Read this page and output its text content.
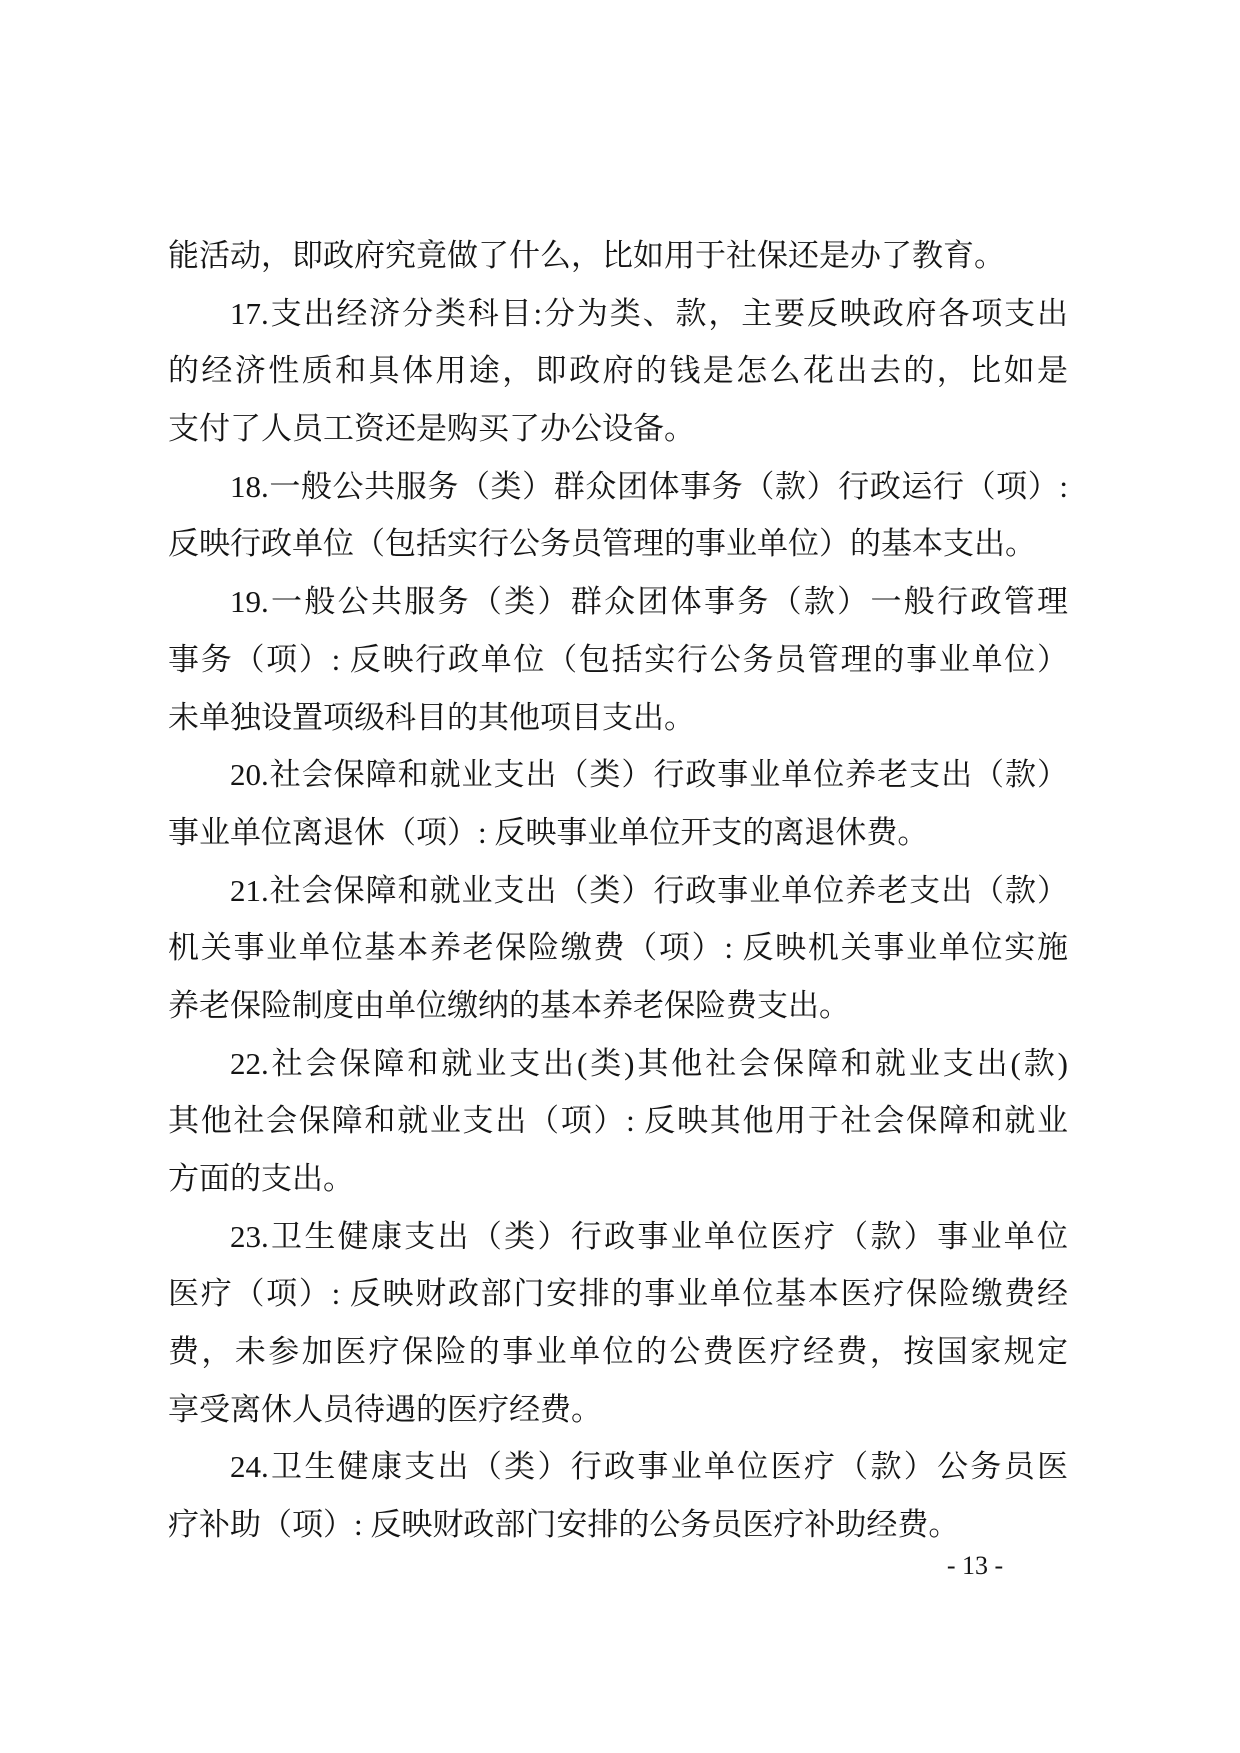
能活动，即政府究竟做了什么，比如用于社保还是办了教育。
17.支出经济分类科目:分为类、款，主要反映政府各项支出
的经济性质和具体用途，即政府的钱是怎么花出去的，比如是
支付了人员工资还是购买了办公设备。
18.一般公共服务（类）群众团体事务（款）行政运行（项）:
反映行政单位（包括实行公务员管理的事业单位）的基本支出。
19.一般公共服务（类）群众团体事务（款）一般行政管理
事务（项）: 反映行政单位（包括实行公务员管理的事业单位）
未单独设置项级科目的其他项目支出。
20.社会保障和就业支出（类）行政事业单位养老支出（款）
事业单位离退休（项）: 反映事业单位开支的离退休费。
21.社会保障和就业支出（类）行政事业单位养老支出（款）
机关事业单位基本养老保险缴费（项）: 反映机关事业单位实施
养老保险制度由单位缴纳的基本养老保险费支出。
22.社会保障和就业支出(类)其他社会保障和就业支出(款)
其他社会保障和就业支出（项）: 反映其他用于社会保障和就业
方面的支出。
23.卫生健康支出（类）行政事业单位医疗（款）事业单位
医疗（项）: 反映财政部门安排的事业单位基本医疗保险缴费经
费，未参加医疗保险的事业单位的公费医疗经费，按国家规定
享受离休人员待遇的医疗经费。
24.卫生健康支出（类）行政事业单位医疗（款）公务员医
疗补助（项）: 反映财政部门安排的公务员医疗补助经费。
- 13 -
